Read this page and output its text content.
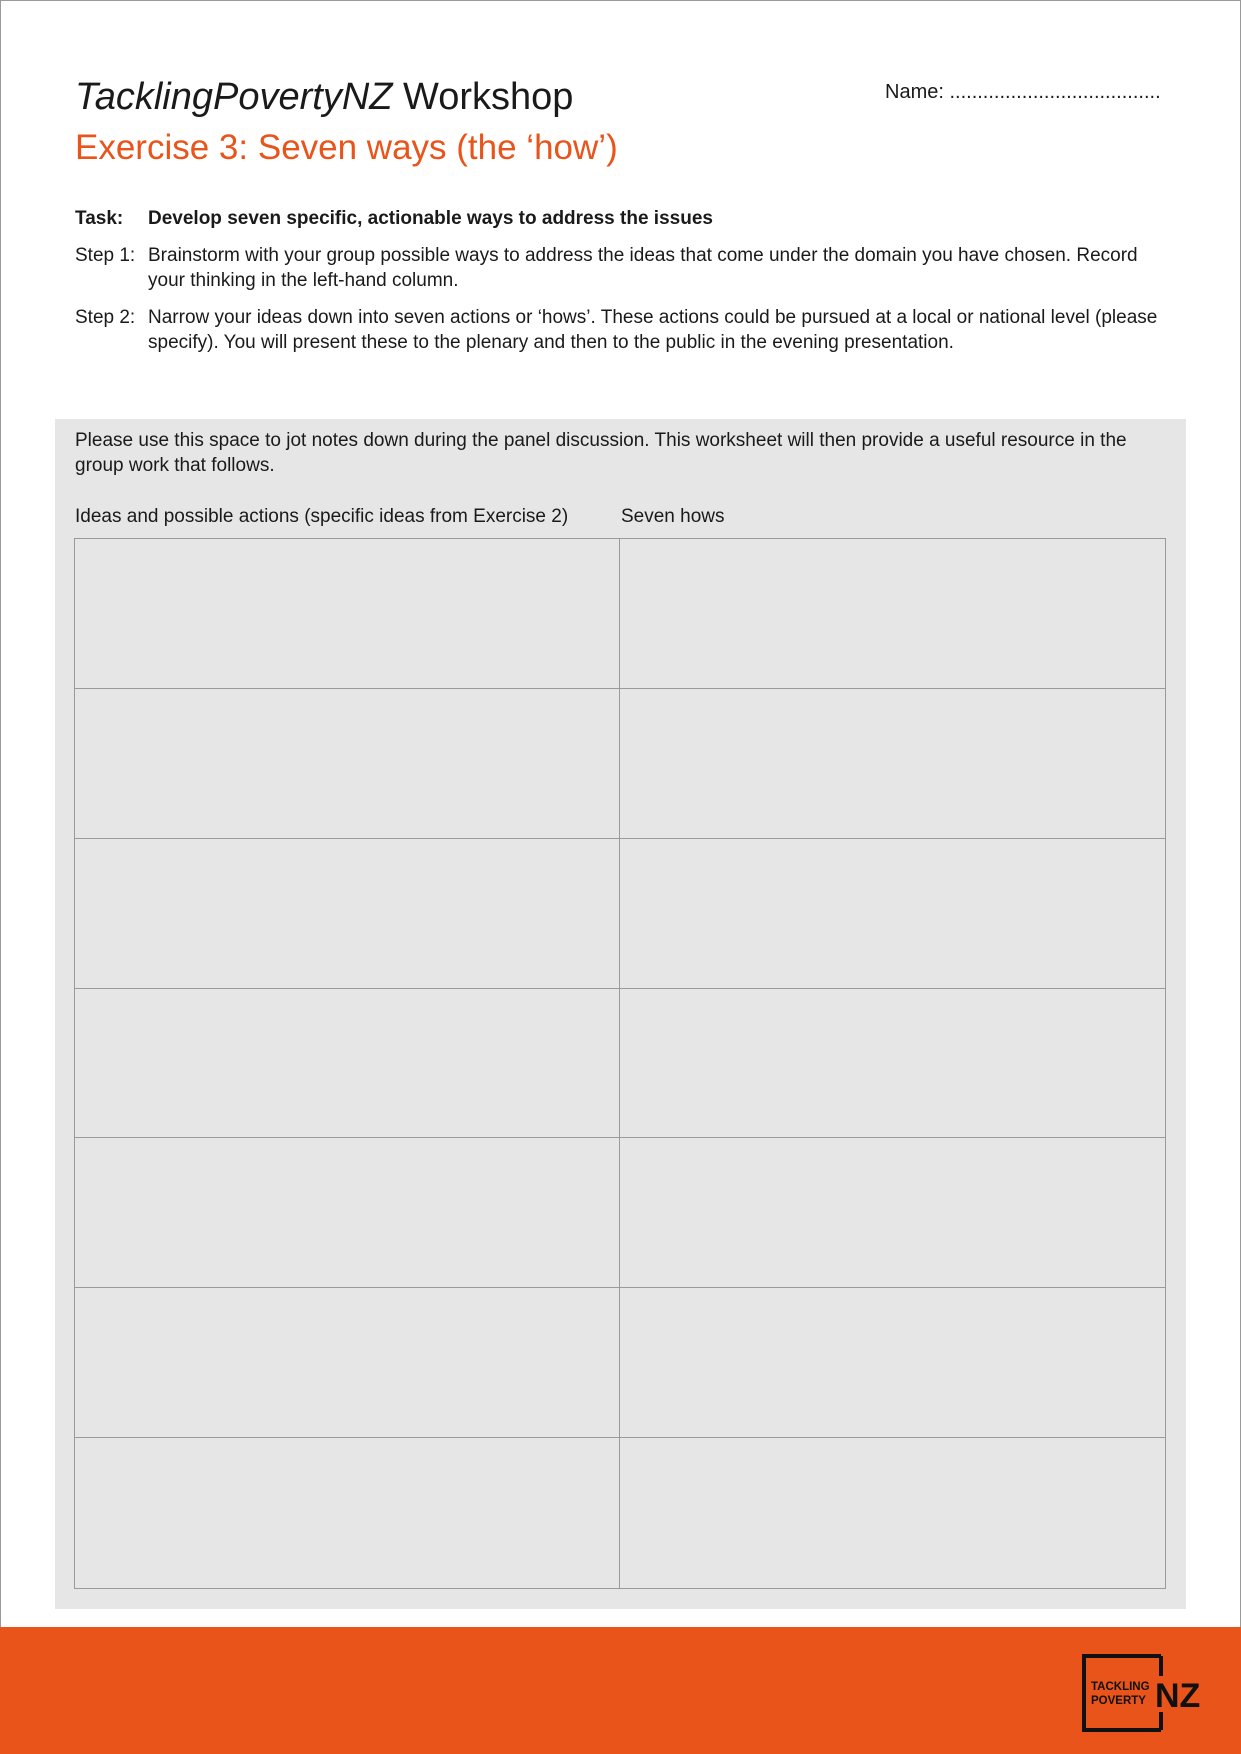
TacklingPovertyNZ Workshop
Exercise 3: Seven ways (the ‘how’)
Name: ......................................
Task: Develop seven specific, actionable ways to address the issues
Step 1: Brainstorm with your group possible ways to address the ideas that come under the domain you have chosen. Record your thinking in the left-hand column.
Step 2: Narrow your ideas down into seven actions or ‘hows’. These actions could be pursued at a local or national level (please specify). You will present these to the plenary and then to the public in the evening presentation.
Please use this space to jot notes down during the panel discussion. This worksheet will then provide a useful resource in the group work that follows.
Ideas and possible actions (specific ideas from Exercise 2)	Seven hows
TACKLING
POVERTY NZ
